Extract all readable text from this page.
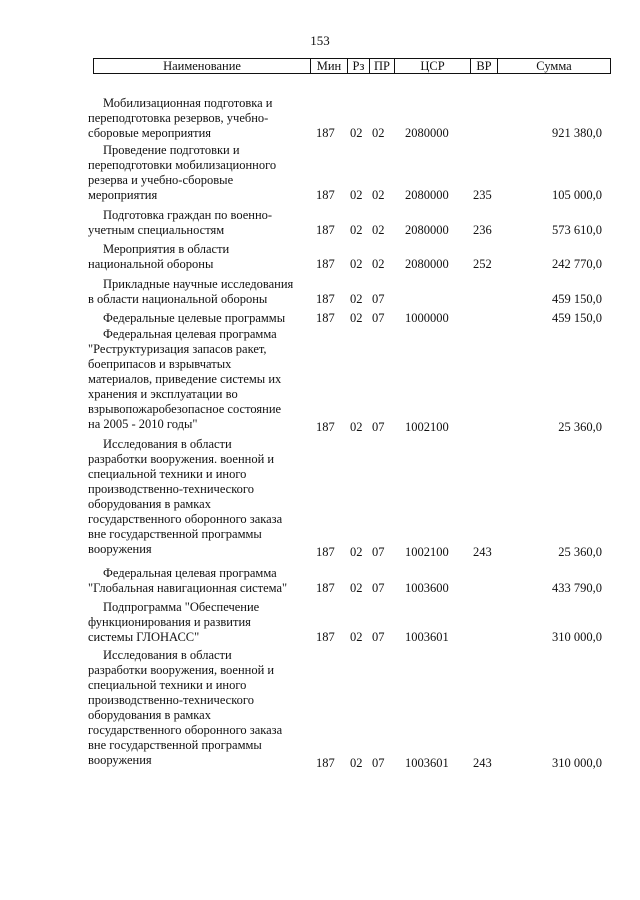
153
Наименование	Мин Рз ПР	ЦСР	ВР	Сумма
Мобилизационная подготовка и
переподготовка резервов, учебно-
сборовые мероприятия	187 02 02 2080000	921 380,0
Проведение подготовки и
переподготовки мобилизационного
резерва и учебно-сборовые
мероприятия	187 02 02 2080000 235	105 000,0
Подготовка граждан по военно-
учетным специальностям	187 02 02 2080000 236	573 610,0
Мероприятия в области
национальной обороны	187 02 02 2080000 252	242 770,0
Прикладные научные исследования
в области национальной обороны	187 02 07	459 150,0
Федеральные целевые программы	187 02 07 1000000	459 150,0
Федеральная целевая программа
"Реструктуризация запасов ракет,
боеприпасов и взрывчатых
материалов, приведение системы их
хранения и эксплуатации во
взрывопожаробезопасное состояние
на 2005 - 2010 годы"	187 02 07 1002100	25 360,0
Исследования в области
разработки вооружения. военной и
специальной техники и иного
производственно-технического
оборудования в рамках
государственного оборонного заказа
вне государственной программы
вооружения	187 02 07 1002100 243	25 360,0
Федеральная целевая программа
"Глобальная навигационная система"	187 02 07 1003600	433 790,0
Подпрограмма "Обеспечение
функционирования и развития
системы ГЛОНАСС"	187 02 07 1003601	310 000,0
Исследования в области
разработки вооружения, военной и
специальной техники и иного
производственно-технического
оборудования в рамках
государственного оборонного заказа
вне государственной программы
вооружения	187 02 07 1003601 243	310 000,0
